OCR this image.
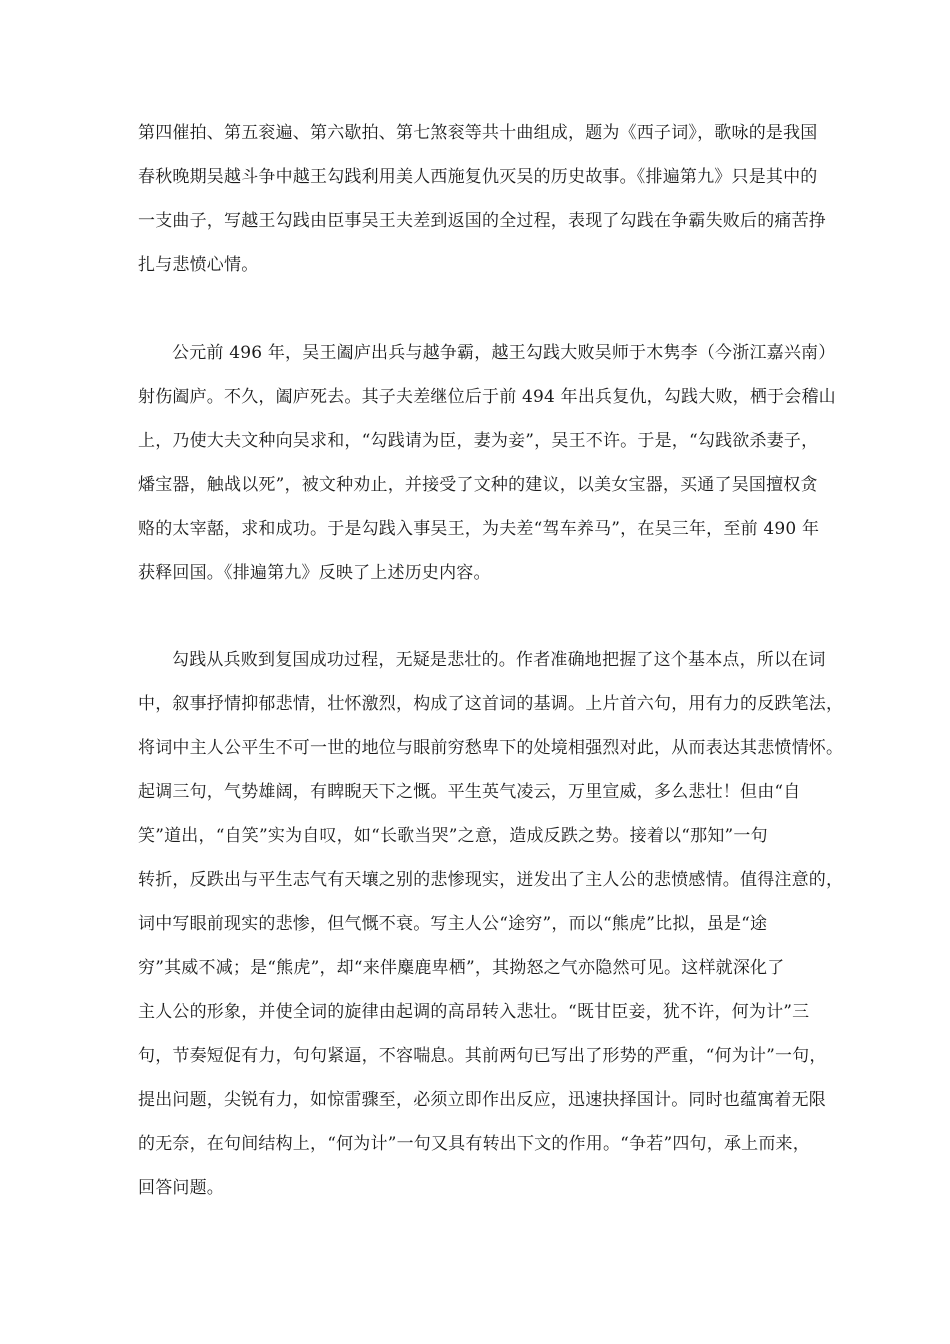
第四催拍、第五衮遍、第六歇拍、第七煞衮等共十曲组成，题为《西子词》，歌咏的是我国
春秋晚期吴越斗争中越王勾践利用美人西施复仇灭吴的历史故事。《排遍第九》只是其中的
一支曲子，写越王勾践由臣事吴王夫差到返国的全过程，表现了勾践在争霸失败后的痛苦挣
扎与悲愤心情。
公元前 496 年，吴王阖庐出兵与越争霸，越王勾践大败吴师于木隽李（今浙江嘉兴南）
射伤阖庐。不久，阖庐死去。其子夫差继位后于前 494 年出兵复仇，勾践大败，栖于会稽山
上，乃使大夫文种向吴求和，“勾践请为臣，妻为妾”，吴王不许。于是，“勾践欲杀妻子，
燔宝器，触战以死”，被文种劝止，并接受了文种的建议，以美女宝器，买通了吴国擅权贪
赂的太宰嚭，求和成功。于是勾践入事吴王，为夫差“驾车养马”，在吴三年，至前 490 年
获释回国。《排遍第九》反映了上述历史内容。
勾践从兵败到复国成功过程，无疑是悲壮的。作者准确地把握了这个基本点，所以在词
中，叙事抒情抑郁悲情，壮怀激烈，构成了这首词的基调。上片首六句，用有力的反跌笔法，
将词中主人公平生不可一世的地位与眼前穷愁卑下的处境相强烈对此，从而表达其悲愤情怀。
起调三句，气势雄阔，有睥睨天下之慨。平生英气凌云，万里宣威，多么悲壮！但由“自
笑”道出，“自笑”实为自叹，如“长歌当哭”之意，造成反跌之势。接着以“那知”一句
转折，反跌出与平生志气有天壤之别的悲惨现实，迸发出了主人公的悲愤感情。值得注意的，
词中写眼前现实的悲惨，但气慨不衰。写主人公“途穷”，而以“熊虎”比拟，虽是“途
穷”其威不减；是“熊虎”，却“来伴麋鹿卑栖”，其拗怒之气亦隐然可见。这样就深化了
主人公的形象，并使全词的旋律由起调的高昂转入悲壮。“既甘臣妾，犹不许，何为计”三
句，节奏短促有力，句句紧逼，不容喘息。其前两句已写出了形势的严重，“何为计”一句，
提出问题，尖锐有力，如惊雷骤至，必须立即作出反应，迅速抉择国计。同时也蕴寓着无限
的无奈，在句间结构上，“何为计”一句又具有转出下文的作用。“争若”四句，承上而来，
回答问题。
